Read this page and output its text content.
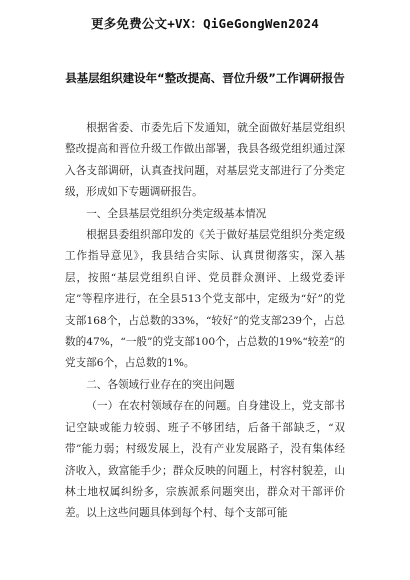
更多免费公文+VX：QiGeGongWen2024
县基层组织建设年“整改提高、晋位升级”工作调研报告

根据省委、市委先后下发通知，就全面做好基层党组织整改提高和晋位升级工作做出部署，我县各级党组织通过深入各支部调研，认真查找问题，对基层党支部进行了分类定级，形成如下专题调研报告。

一、全县基层党组织分类定级基本情况

根据县委组织部印发的《关于做好基层党组织分类定级工作指导意见》，我县结合实际、认真贯彻落实，深入基层，按照“基层党组织自评、党员群众测评、上级党委评定”等程序进行，在全县513个党支部中，定级为“好”的党支部168个，占总数的33%，“较好”的党支部239个，占总数的47%，“一般”的党支部100个，占总数的19%“较差”的党支部6个，占总数的1%。

二、各领域行业存在的突出问题

（一）在农村领域存在的问题。自身建设上，党支部书记空缺或能力较弱、班子不够团结，后备干部缺乏，“双带”能力弱；村级发展上，没有产业发展路子，没有集体经济收入，致富能手少；群众反映的问题上，村容村貌差，山林土地权属纠纷多，宗族派系问题突出，群众对干部评价差。以上这些问题具体到每个村、每个支部可能
